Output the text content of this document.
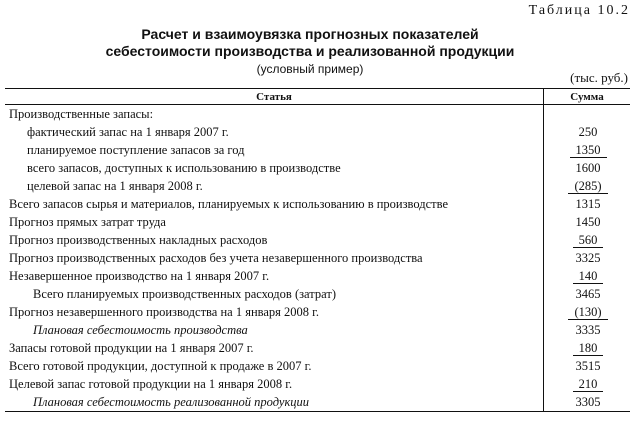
Таблица 10.2
Расчет и взаимоувязка прогнозных показателей
себестоимости производства и реализованной продукции
(условный пример)
(тыс. руб.)
Статья	Сумма
Производственные запасы:	
фактический запас на 1 января 2007 г.	250
планируемое поступление запасов за год	1350
всего запасов, доступных к использованию в производстве	1600
целевой запас на 1 января 2008 г.	(285)
Всего запасов сырья и материалов, планируемых к использованию в производстве	1315
Прогноз прямых затрат труда	1450
Прогноз производственных накладных расходов	560
Прогноз производственных расходов без учета незавершенного производства	3325
Незавершенное производство на 1 января 2007 г.	140
Всего планируемых производственных расходов (затрат)	3465
Прогноз незавершенного производства на 1 января 2008 г.	(130)
Плановая себестоимость производства	3335
Запасы готовой продукции на 1 января 2007 г.	180
Всего готовой продукции, доступной к продаже в 2007 г.	3515
Целевой запас готовой продукции на 1 января 2008 г.	210
Плановая себестоимость реализованной продукции	3305
